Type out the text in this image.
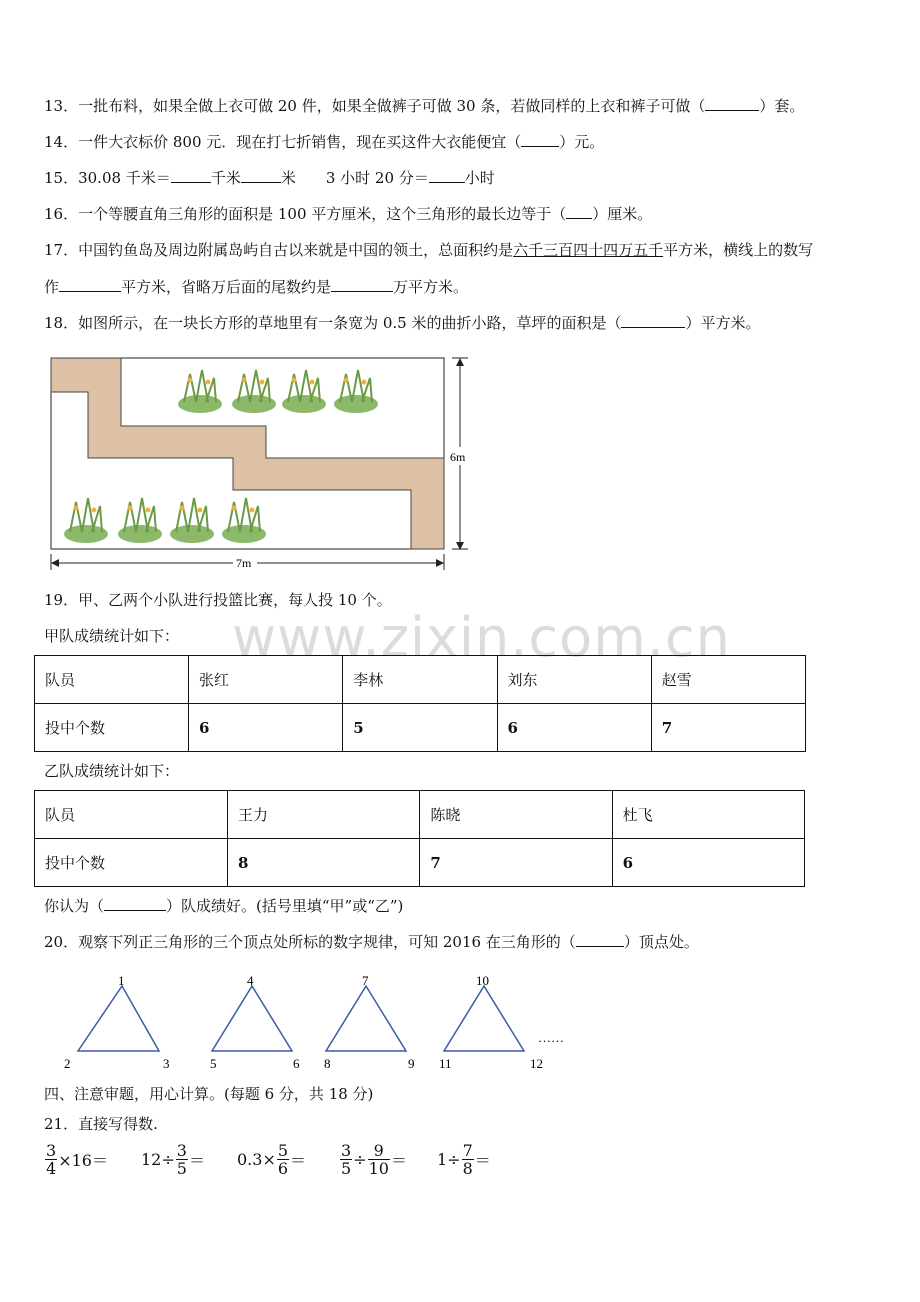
www.zixin.com.cn
13．一批布料，如果全做上衣可做 20 件，如果全做裤子可做 30 条，若做同样的上衣和裤子可做（	）套。
14．一件大衣标价 800 元．现在打七折销售，现在买这件大衣能便宜（	）元。
15．30.08 千米＝	千米	米 3 小时 20 分＝ 小时
16．一个等腰直角三角形的面积是 100 平方厘米，这个三角形的最长边等于（ ）厘米。
17．中国钓鱼岛及周边附属岛屿自古以来就是中国的领土，总面积约是六千三百四十四万五千平方米，横线上的数写
作	平方米，省略万后面的尾数约是	万平方米。
18．如图所示，在一块长方形的草地里有一条宽为 0.5 米的曲折小路，草坪的面积是（	）平方米。
6m
7m
19．甲、乙两个小队进行投篮比赛，每人投 10 个。
甲队成绩统计如下：
队员	张红	李林	刘东	赵雪
投中个数	6	5	6	7
乙队成绩统计如下：
队员	王力	陈晓	杜飞
投中个数	8	7	6
你认为（	）队成绩好。(括号里填“甲”或“乙”)
20．观察下列正三角形的三个顶点处所标的数字规律，可知 2016 在三角形的（	）顶点处。
1
2	3
4
5	6
7
8	9
10
11	12
……
四、注意审题，用心计算。(每题 6 分，共 18 分)
21．直接写得数.
$\frac{3}{4} \times 16= 12\div \frac{3}{5} = 0.3\times \frac{5}{6} = \frac{3}{5} \div \frac{9}{10} = 1\div \frac{7}{8}$ ＝
